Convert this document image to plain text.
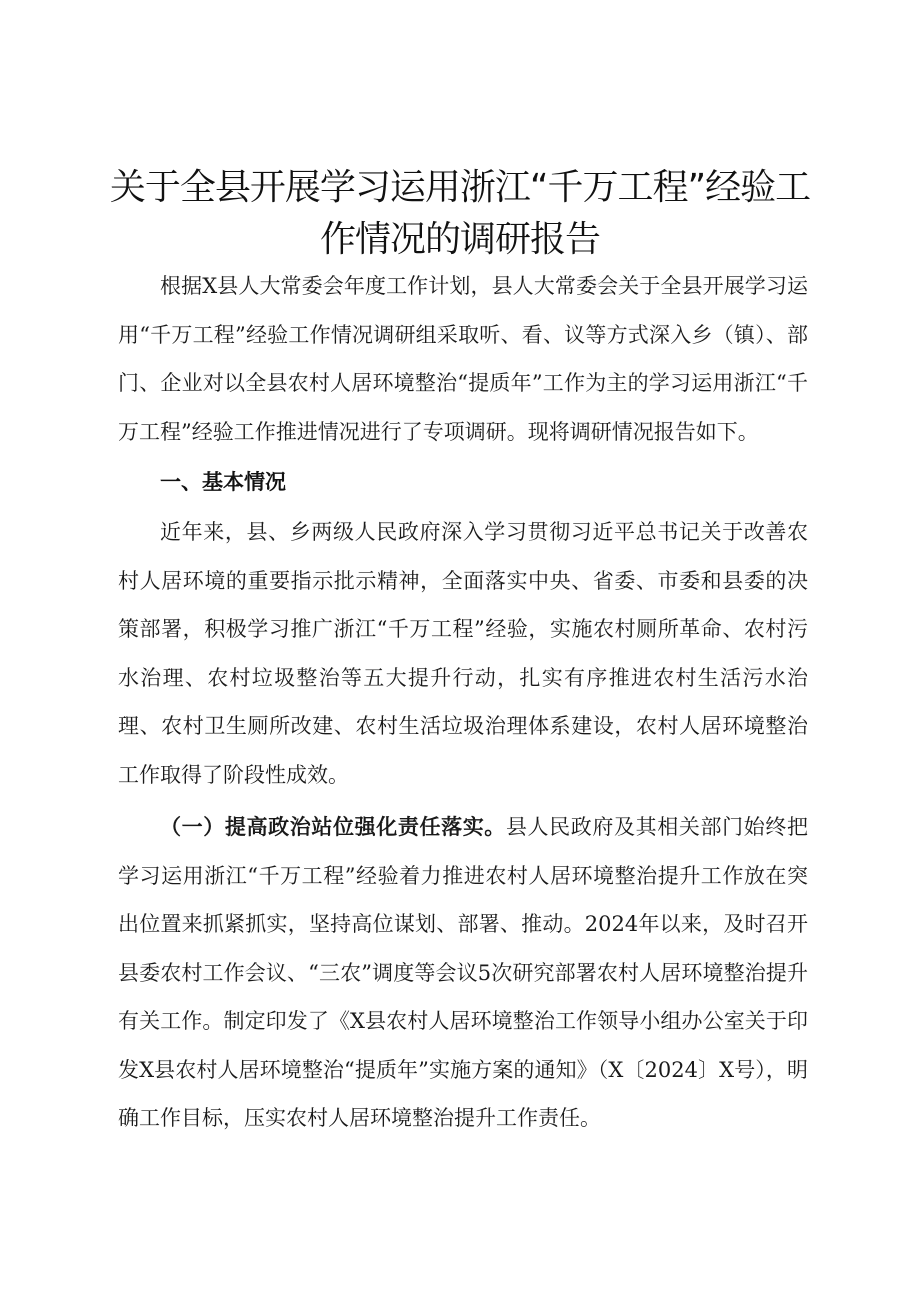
关于全县开展学习运用浙江“千万工程”经验工
作情况的调研报告

根据X县人大常委会年度工作计划，县人大常委会关于全县开展学习运用“千万工程”经验工作情况调研组采取听、看、议等方式深入乡（镇）、部门、企业对以全县农村人居环境整治“提质年”工作为主的学习运用浙江“千万工程”经验工作推进情况进行了专项调研。现将调研情况报告如下。

一、基本情况

近年来，县、乡两级人民政府深入学习贯彻习近平总书记关于改善农村人居环境的重要指示批示精神，全面落实中央、省委、市委和县委的决策部署，积极学习推广浙江“千万工程”经验，实施农村厕所革命、农村污水治理、农村垃圾整治等五大提升行动，扎实有序推进农村生活污水治理、农村卫生厕所改建、农村生活垃圾治理体系建设，农村人居环境整治工作取得了阶段性成效。

（一）提高政治站位强化责任落实。县人民政府及其相关部门始终把学习运用浙江“千万工程”经验着力推进农村人居环境整治提升工作放在突出位置来抓紧抓实，坚持高位谋划、部署、推动。2024年以来，及时召开县委农村工作会议、“三农”调度等会议5次研究部署农村人居环境整治提升有关工作。制定印发了《X县农村人居环境整治工作领导小组办公室关于印发X县农村人居环境整治“提质年”实施方案的通知》（X〔2024〕X号），明确工作目标，压实农村人居环境整治提升工作责任。
